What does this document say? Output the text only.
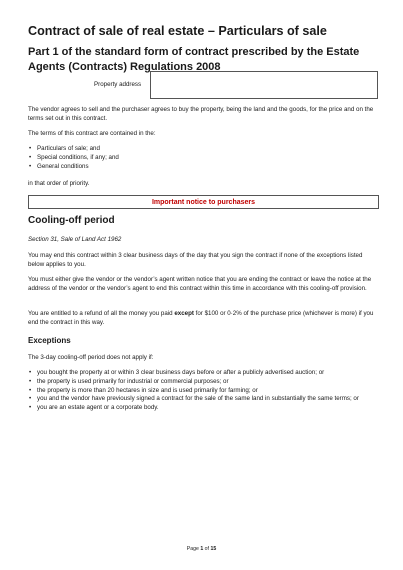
Contract of sale of real estate – Particulars of sale

Part 1 of the standard form of contract prescribed by the Estate Agents (Contracts) Regulations 2008

Property address

The vendor agrees to sell and the purchaser agrees to buy the property, being the land and the goods, for the price and on the terms set out in this contract.

The terms of this contract are contained in the:

• Particulars of sale; and
• Special conditions, if any; and
• General conditions

in that order of priority.

Important notice to purchasers
Cooling-off period

Section 31, Sale of Land Act 1962

You may end this contract within 3 clear business days of the day that you sign the contract if none of the exceptions listed below applies to you.

You must either give the vendor or the vendor’s agent written notice that you are ending the contract or leave the notice at the address of the vendor or the vendor’s agent to end this contract within this time in accordance with this cooling-off provision.

You are entitled to a refund of all the money you paid except for $100 or 0·2% of the purchase price (whichever is more) if you end the contract in this way.

Exceptions

The 3-day cooling-off period does not apply if:

• you bought the property at or within 3 clear business days before or after a publicly advertised auction; or
• the property is used primarily for industrial or commercial purposes; or
• the property is more than 20 hectares in size and is used primarily for farming; or
• you and the vendor have previously signed a contract for the sale of the same land in substantially the same terms; or
• you are an estate agent or a corporate body.
Page 1 of 15
